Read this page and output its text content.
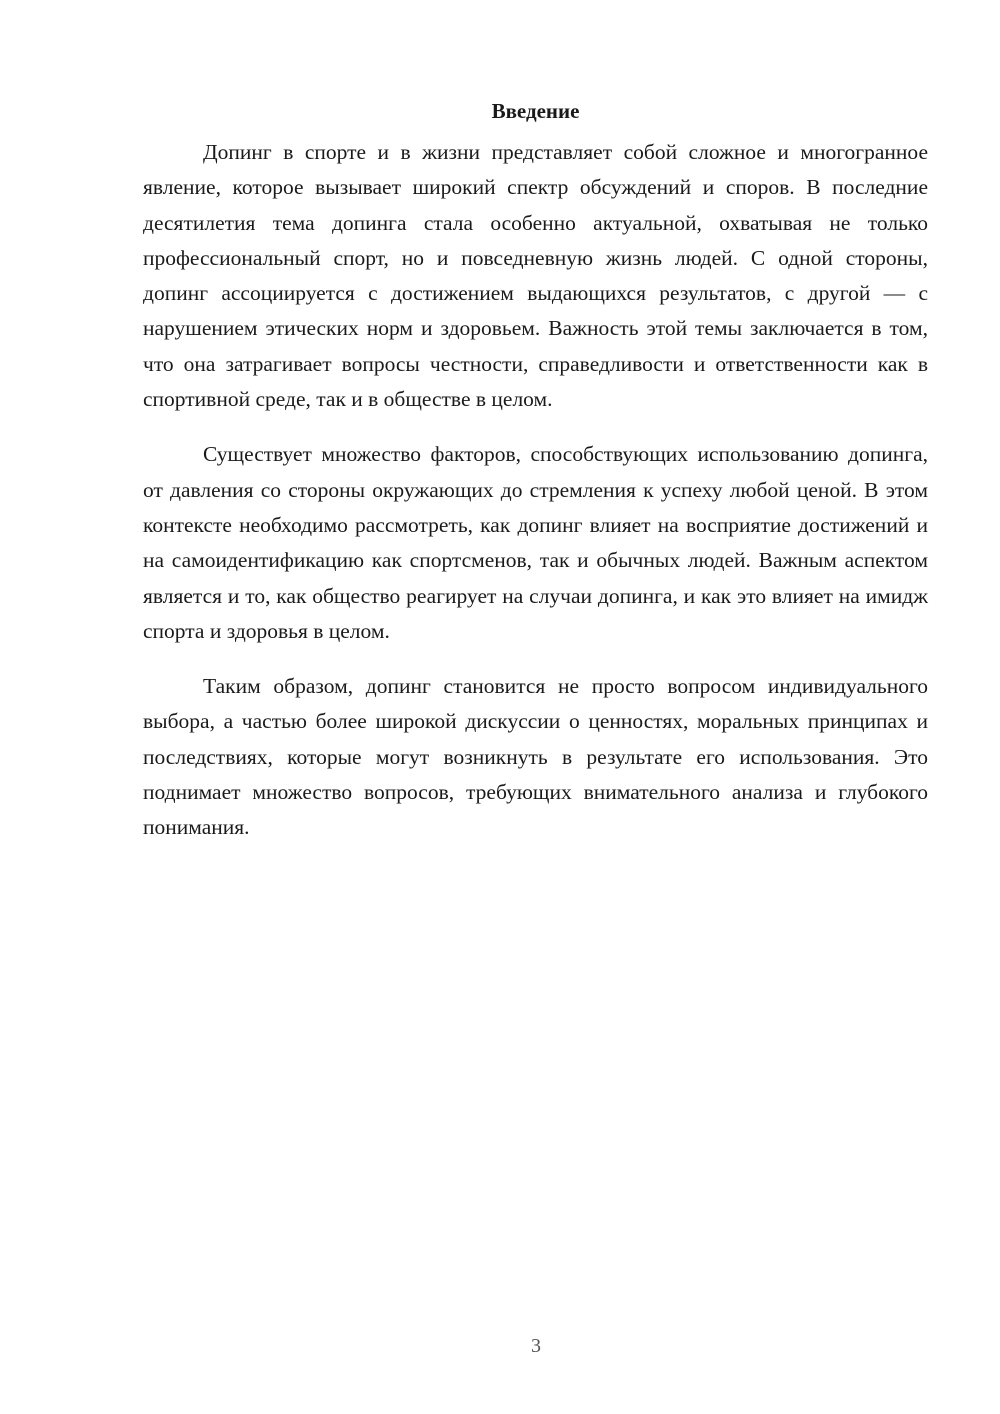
Введение

Допинг в спорте и в жизни представляет собой сложное и многогранное явление, которое вызывает широкий спектр обсуждений и споров. В последние десятилетия тема допинга стала особенно актуальной, охватывая не только профессиональный спорт, но и повседневную жизнь людей. С одной стороны, допинг ассоциируется с достижением выдающихся результатов, с другой — с нарушением этических норм и здоровьем. Важность этой темы заключается в том, что она затрагивает вопросы честности, справедливости и ответственности как в спортивной среде, так и в обществе в целом.

Существует множество факторов, способствующих использованию допинга, от давления со стороны окружающих до стремления к успеху любой ценой. В этом контексте необходимо рассмотреть, как допинг влияет на восприятие достижений и на самоидентификацию как спортсменов, так и обычных людей. Важным аспектом является и то, как общество реагирует на случаи допинга, и как это влияет на имидж спорта и здоровья в целом.

Таким образом, допинг становится не просто вопросом индивидуального выбора, а частью более широкой дискуссии о ценностях, моральных принципах и последствиях, которые могут возникнуть в результате его использования. Это поднимает множество вопросов, требующих внимательного анализа и глубокого понимания.

3
